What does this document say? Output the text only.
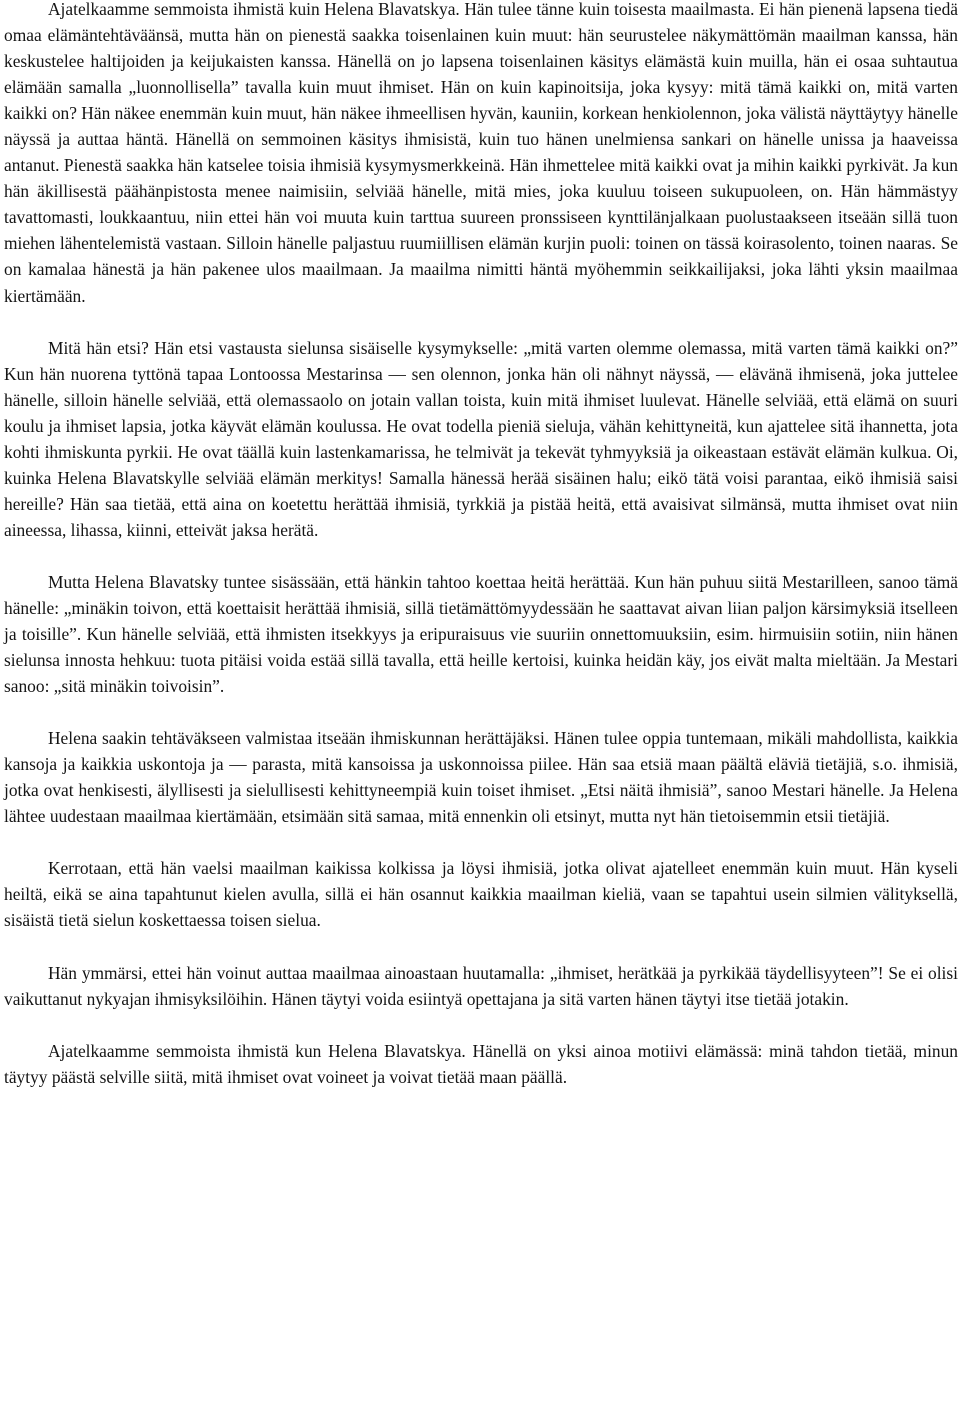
Ajatelkaamme semmoista ihmistä kuin Helena Blavatskya. Hän tulee tänne kuin toisesta maailmasta. Ei hän pienenä lapsena tiedä omaa elämäntehtäväänsä, mutta hän on pienestä saakka toisenlainen kuin muut: hän seurustelee näkymättömän maailman kanssa, hän keskustelee haltijoiden ja keijukaisten kanssa. Hänellä on jo lapsena toisenlainen käsitys elämästä kuin muilla, hän ei osaa suhtautua elämään samalla „luonnollisella” tavalla kuin muut ihmiset. Hän on kuin kapinoitsija, joka kysyy: mitä tämä kaikki on, mitä varten kaikki on? Hän näkee enemmän kuin muut, hän näkee ihmeellisen hyvän, kauniin, korkean henkiolennon, joka välistä näyttäytyy hänelle näyssä ja auttaa häntä. Hänellä on semmoinen käsitys ihmisistä, kuin tuo hänen unelmiensa sankari on hänelle unissa ja haaveissa antanut. Pienestä saakka hän katselee toisia ihmisiä kysymysmerkkeinä. Hän ihmettelee mitä kaikki ovat ja mihin kaikki pyrkivät. Ja kun hän äkillisestä päähänpistosta menee naimisiin, selviää hänelle, mitä mies, joka kuuluu toiseen sukupuoleen, on. Hän hämmästyy tavattomasti, loukkaantuu, niin ettei hän voi muuta kuin tarttua suureen pronssiseen kynttilänjalkaan puolustaakseen itseään sillä tuon miehen lähentelemistä vastaan. Silloin hänelle paljastuu ruumiillisen elämän kurjin puoli: toinen on tässä koirasolento, toinen naaras. Se on kamalaa hänestä ja hän pakenee ulos maailmaan. Ja maailma nimitti häntä myöhemmin seikkailijaksi, joka lähti yksin maailmaa kiertämään.

Mitä hän etsi? Hän etsi vastausta sielunsa sisäiselle kysymykselle: „mitä varten olemme olemassa, mitä varten tämä kaikki on?” Kun hän nuorena tyttönä tapaa Lontoossa Mestarinsa — sen olennon, jonka hän oli nähnyt näyssä, — elävänä ihmisenä, joka juttelee hänelle, silloin hänelle selviää, että olemassaolo on jotain vallan toista, kuin mitä ihmiset luulevat. Hänelle selviää, että elämä on suuri koulu ja ihmiset lapsia, jotka käyvät elämän koulussa. He ovat todella pieniä sieluja, vähän kehittyneitä, kun ajattelee sitä ihannetta, jota kohti ihmiskunta pyrkii. He ovat täällä kuin lastenkamarissa, he telmivät ja tekevät tyhmyyksiä ja oikeastaan estävät elämän kulkua. Oi, kuinka Helena Blavatskylle selviää elämän merkitys! Samalla hänessä herää sisäinen halu; eikö tätä voisi parantaa, eikö ihmisiä saisi hereille? Hän saa tietää, että aina on koetettu herättää ihmisiä, tyrkkiä ja pistää heitä, että avaisivat silmänsä, mutta ihmiset ovat niin aineessa, lihassa, kiinni, etteivät jaksa herätä.

Mutta Helena Blavatsky tuntee sisässään, että hänkin tahtoo koettaa heitä herättää. Kun hän puhuu siitä Mestarilleen, sanoo tämä hänelle: „minäkin toivon, että koettaisit herättää ihmisiä, sillä tietämättömyydessään he saattavat aivan liian paljon kärsimyksiä itselleen ja toisille”. Kun hänelle selviää, että ihmisten itsekkyys ja eripuraisuus vie suuriin onnettomuuksiin, esim. hirmuisiin sotiin, niin hänen sielunsa innosta hehkuu: tuota pitäisi voida estää sillä tavalla, että heille kertoisi, kuinka heidän käy, jos eivät malta mieltään. Ja Mestari sanoo: „sitä minäkin toivoisin”.

Helena saakin tehtäväkseen valmistaa itseään ihmiskunnan herättäjäksi. Hänen tulee oppia tuntemaan, mikäli mahdollista, kaikkia kansoja ja kaikkia uskontoja ja — parasta, mitä kansoissa ja uskonnoissa piilee. Hän saa etsiä maan päältä eläviä tietäjiä, s.o. ihmisiä, jotka ovat henkisesti, älyllisesti ja sielullisesti kehittyneempiä kuin toiset ihmiset. „Etsi näitä ihmisiä”, sanoo Mestari hänelle. Ja Helena lähtee uudestaan maailmaa kiertämään, etsimään sitä samaa, mitä ennenkin oli etsinyt, mutta nyt hän tietoisemmin etsii tietäjiä.

Kerrotaan, että hän vaelsi maailman kaikissa kolkissa ja löysi ihmisiä, jotka olivat ajatelleet enemmän kuin muut. Hän kyseli heiltä, eikä se aina tapahtunut kielen avulla, sillä ei hän osannut kaikkia maailman kieliä, vaan se tapahtui usein silmien välityksellä, sisäistä tietä sielun koskettaessa toisen sielua.

Hän ymmärsi, ettei hän voinut auttaa maailmaa ainoastaan huutamalla: „ihmiset, herätkää ja pyrkikää täydellisyyteen”! Se ei olisi vaikuttanut nykyajan ihmisyksilöihin. Hänen täytyi voida esiintyä opettajana ja sitä varten hänen täytyi itse tietää jotakin.

Ajatelkaamme semmoista ihmistä kun Helena Blavatskya. Hänellä on yksi ainoa motiivi elämässä: minä tahdon tietää, minun täytyy päästä selville siitä, mitä ihmiset ovat voineet ja voivat tietää maan päällä.
